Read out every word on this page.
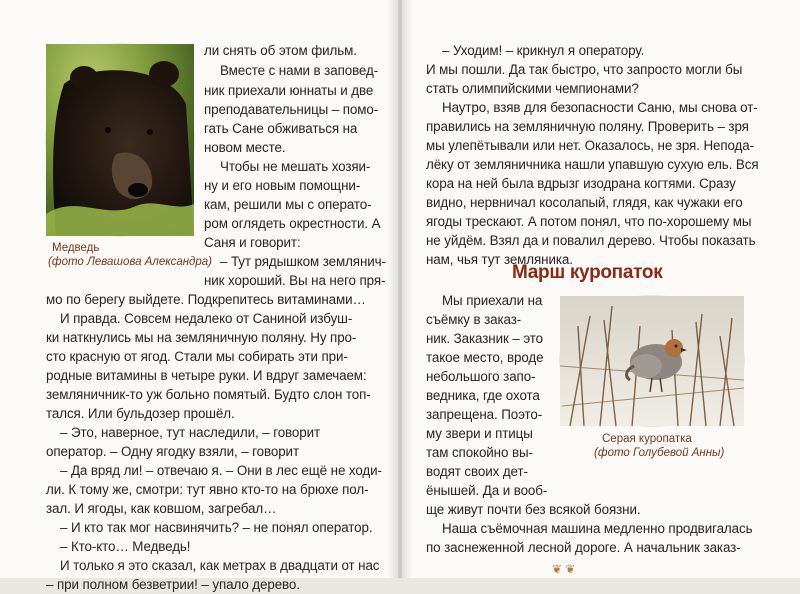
Медведь
(фото Левашова Александра)
ли снять об этом фильм.
Вместе с нами в заповед-
ник приехали юннаты и две
преподавательницы – помо-
гать Сане обживаться на
новом месте.
Чтобы не мешать хозяи-
ну и его новым помощни-
кам, решили мы с операто-
ром оглядеть окрестности. А
Саня и говорит:
– Тут рядышком землянич-
ник хороший. Вы на него пря-
мо по берегу выйдете. Подкрепитесь витаминами…
И правда. Совсем недалеко от Саниной избуш-
ки наткнулись мы на земляничную поляну. Ну про-
сто красную от ягод. Стали мы собирать эти при-
родные витамины в четыре руки. И вдруг замечаем:
земляничник-то уж больно помятый. Будто слон топ-
тался. Или бульдозер прошёл.
– Это, наверное, тут наследили, – говорит
оператор. – Одну ягодку взяли, – говорит
– Да вряд ли! – отвечаю я. – Они в лес ещё не ходи-
ли. К тому же, смотри: тут явно кто-то на брюхе пол-
зал. И ягоды, как ковшом, загребал…
– И кто так мог насвинячить? – не понял оператор.
– Кто-кто… Медведь!
И только я это сказал, как метрах в двадцати от нас
– при полном безветрии! – упало дерево.
– Уходим! – крикнул я оператору.
И мы пошли. Да так быстро, что запросто могли бы
стать олимпийскими чемпионами?
Наутро, взяв для безопасности Саню, мы снова от-
правились на земляничную поляну. Проверить – зря
мы улепётывали или нет. Оказалось, не зря. Непода-
лёку от земляничника нашли упавшую сухую ель. Вся
кора на ней была вдрызг изодрана когтями. Сразу
видно, нервничал косолапый, глядя, как чужаки его
ягоды трескают. А потом понял, что по-хорошему мы
не уйдём. Взял да и повалил дерево. Чтобы показать
нам, чья тут земляника.
Марш куропаток
Серая куропатка
(фото Голубевой Анны)
Мы приехали на
съёмку в заказ-
ник. Заказник – это
такое место, вроде
небольшого запо-
ведника, где охота
запрещена. Поэто-
му звери и птицы
там спокойно вы-
водят своих дет-
ёнышей. Да и вооб-
ще живут почти без всякой боязни.
Наша съёмочная машина медленно продвигалась
по заснеженной лесной дороге. А начальник заказ-
❦ ❦
